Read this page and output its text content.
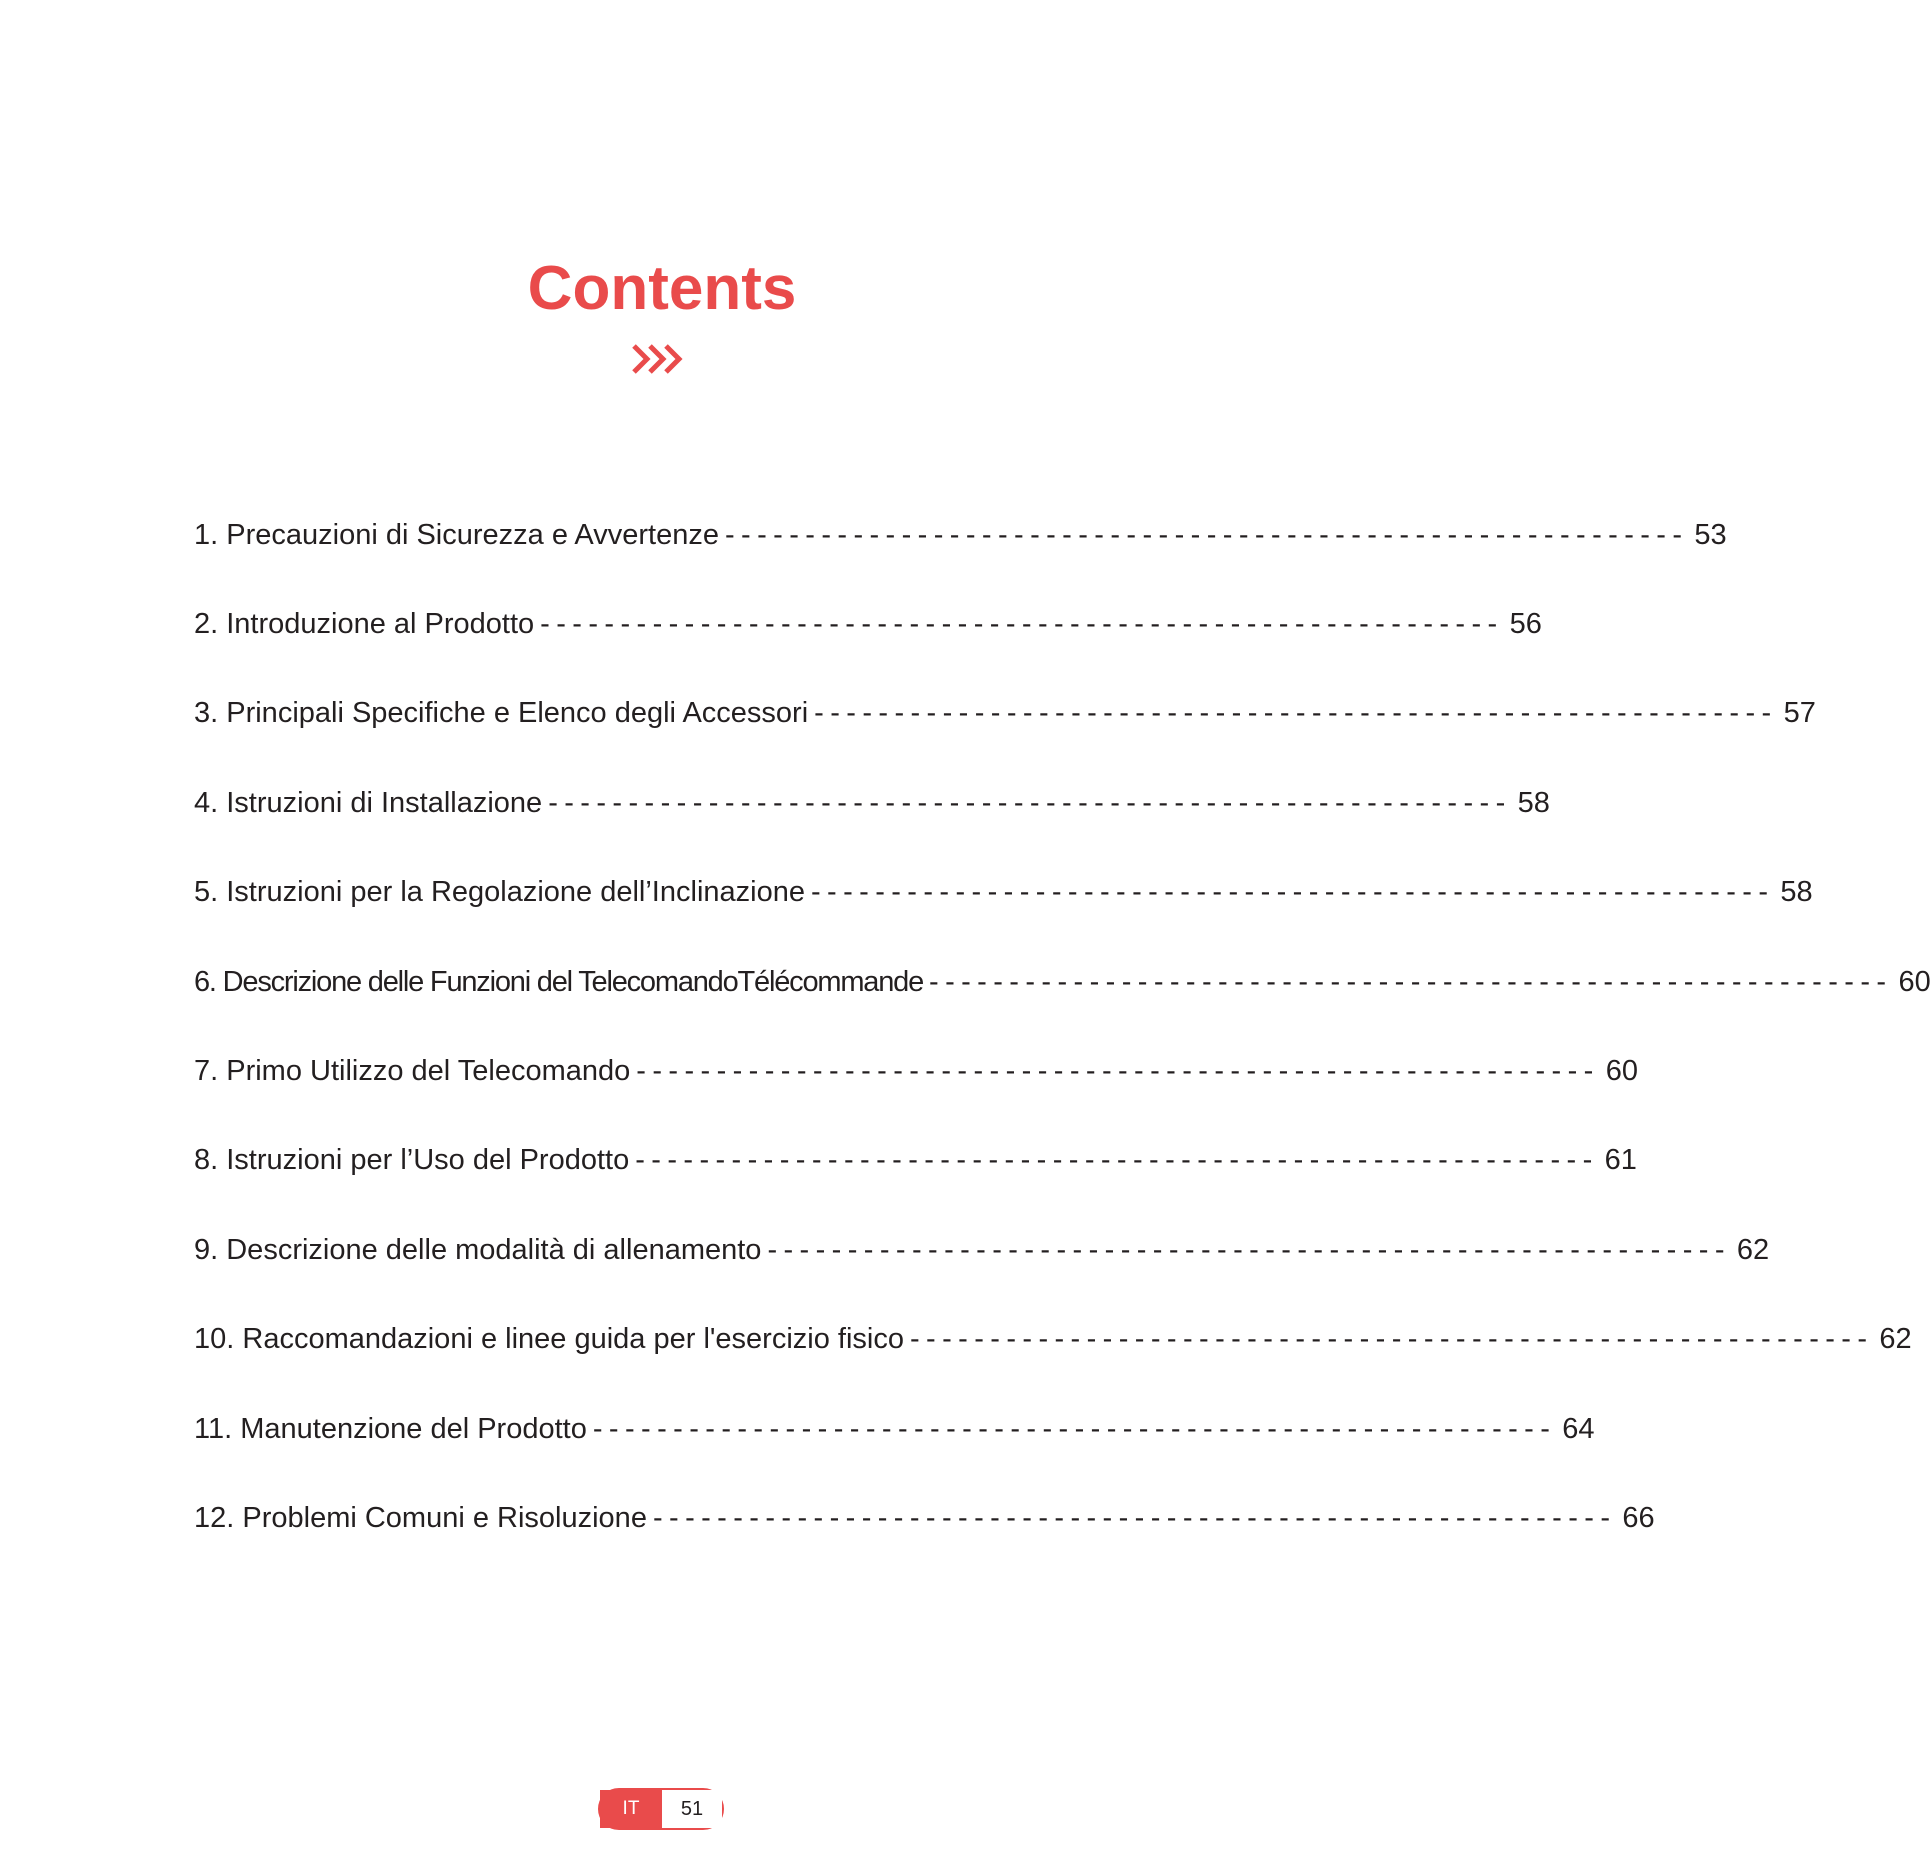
Contents
1. Precauzioni di Sicurezza e Avvertenze ------------------------------------------------------------ 53
2. Introduzione al Prodotto ------------------------------------------------------------ 56
3. Principali Specifiche e Elenco degli Accessori ------------------------------------------------------------ 57
4. Istruzioni di Installazione ------------------------------------------------------------ 58
5. Istruzioni per la Regolazione dell’Inclinazione ------------------------------------------------------------ 58
6. Descrizione delle Funzioni del TelecomandoTélécommande ------------------------------------------------------------ 60
7. Primo Utilizzo del Telecomando ------------------------------------------------------------ 60
8. Istruzioni per l’Uso del Prodotto ------------------------------------------------------------ 61
9. Descrizione delle modalità di allenamento ------------------------------------------------------------ 62
10. Raccomandazioni e linee guida per l'esercizio fisico ------------------------------------------------------------ 62
11. Manutenzione del Prodotto ------------------------------------------------------------ 64
12. Problemi Comuni e Risoluzione ------------------------------------------------------------ 66
IT	51
